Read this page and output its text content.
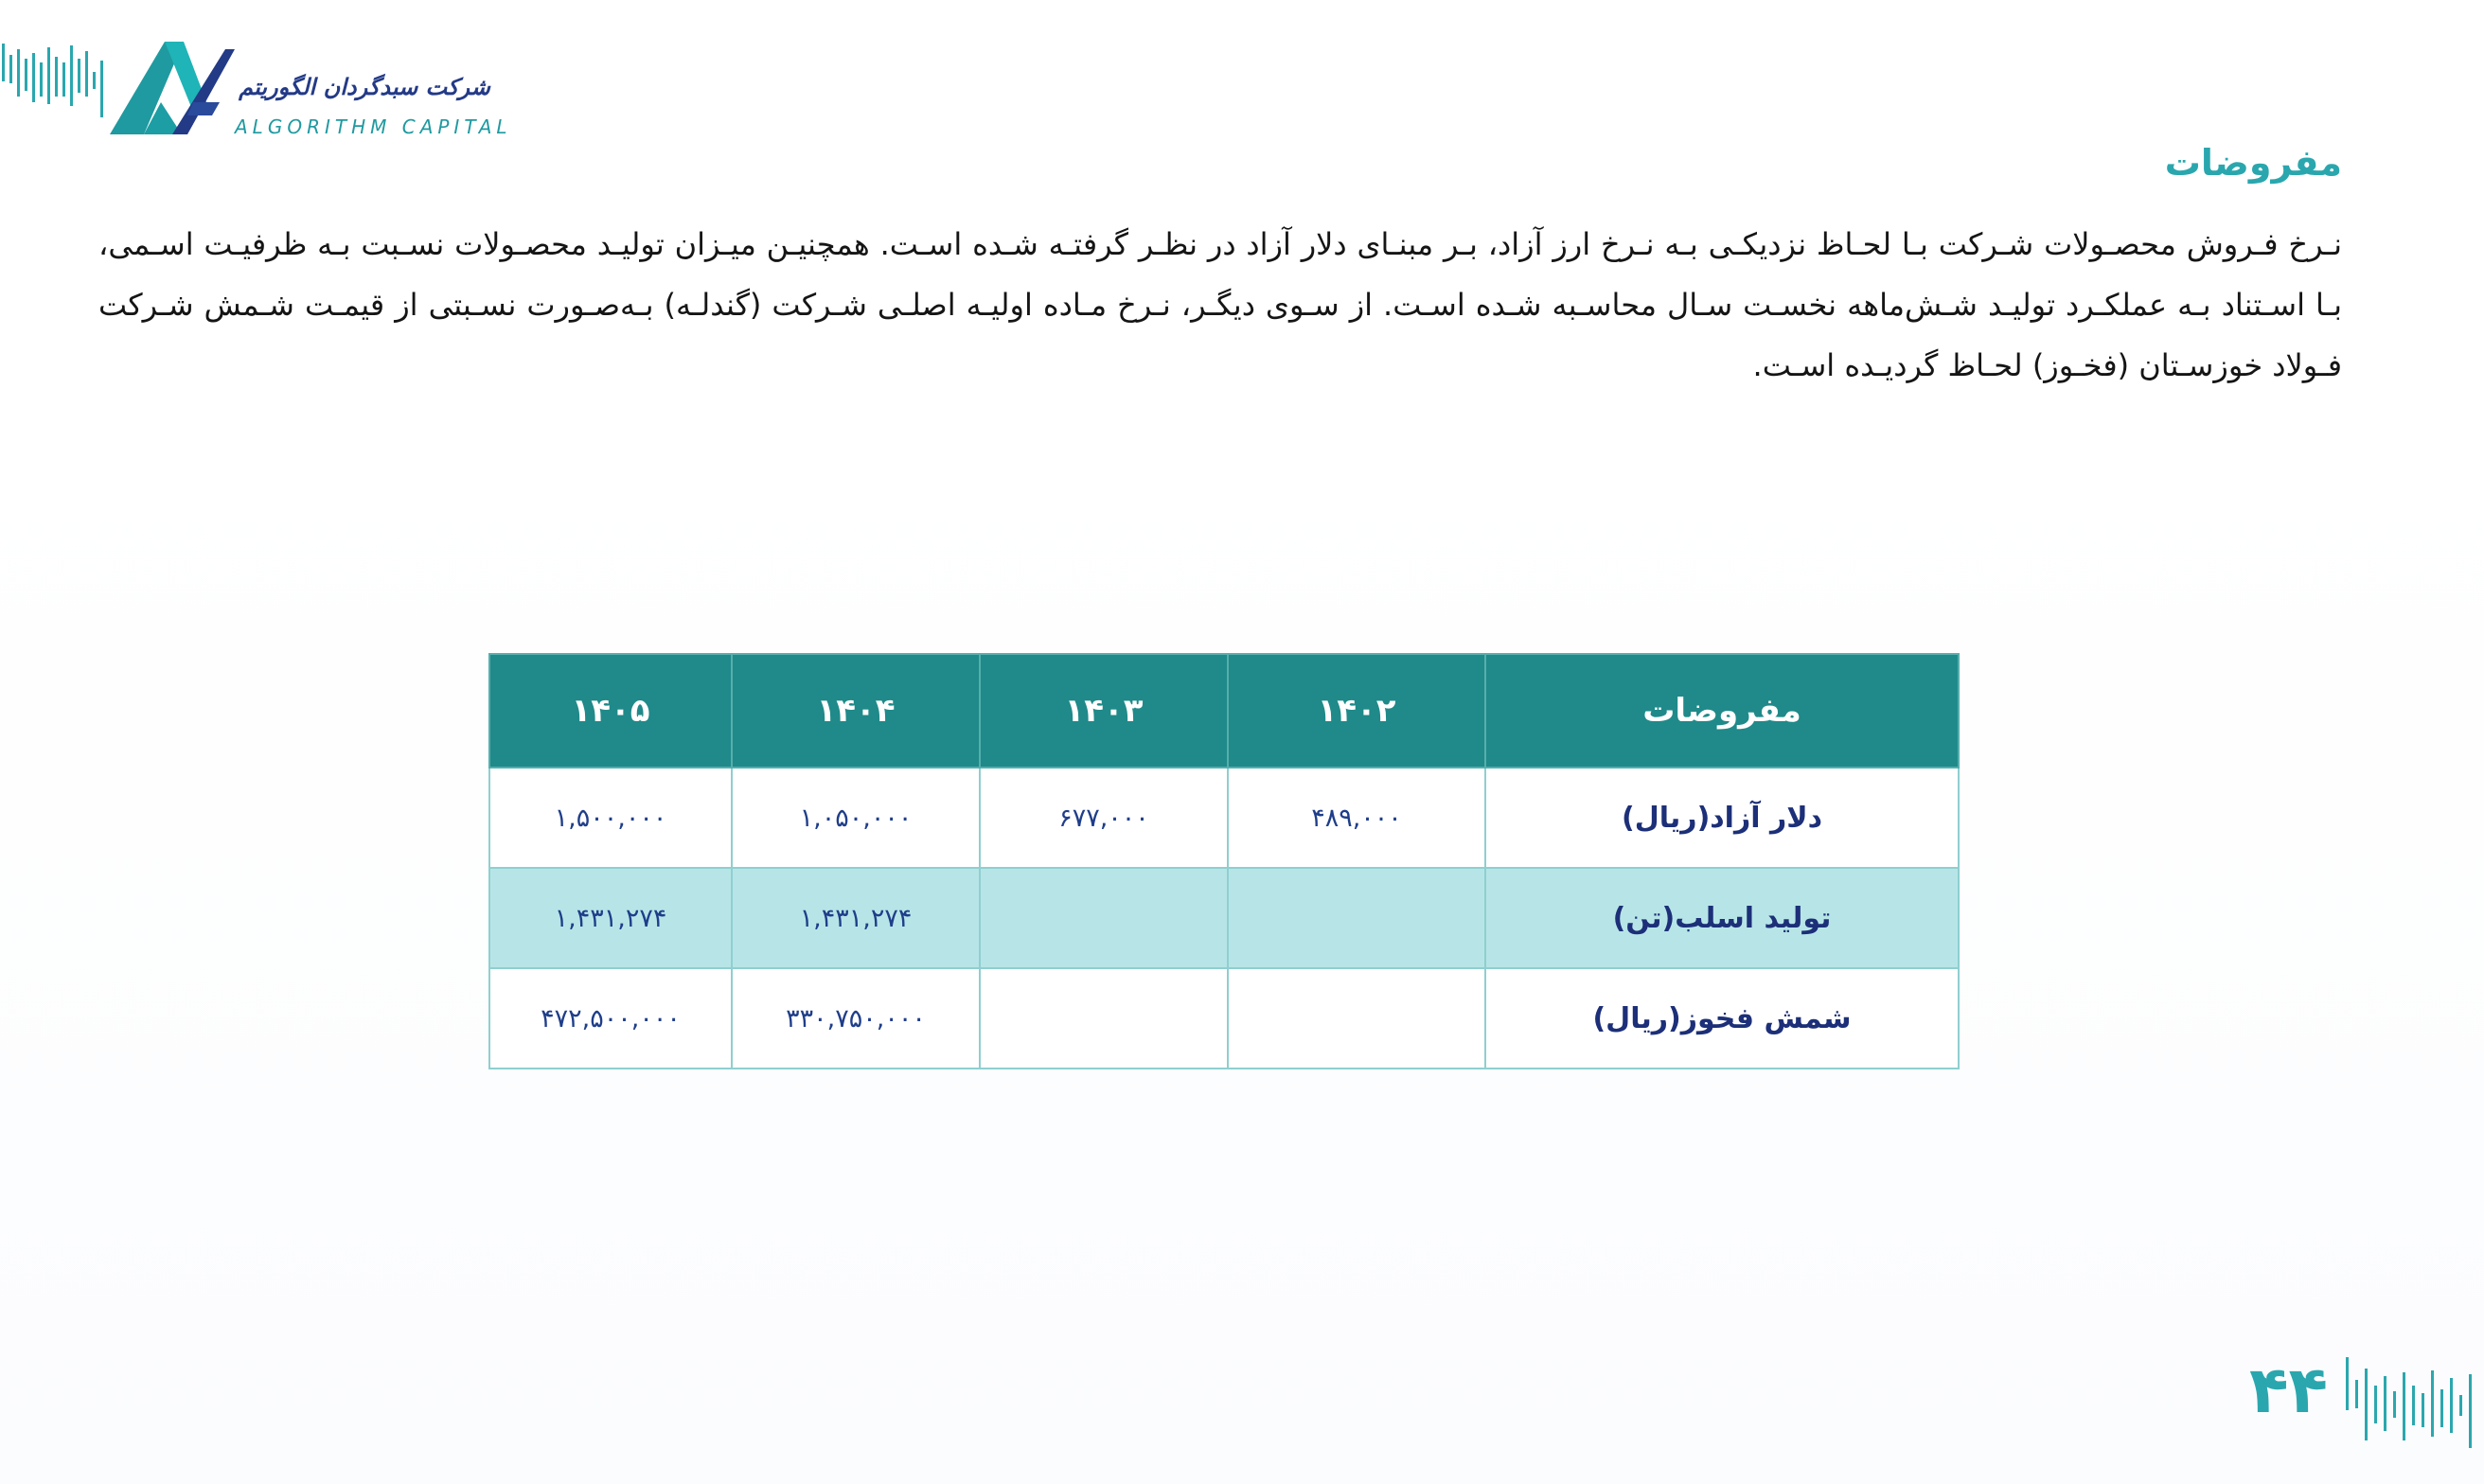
شرکت سبدگردان الگوریتم
ALGORITHM CAPITAL
مفروضات

نـرخ فـروش محصـولات شـرکت بـا لحـاظ نزدیکـی بـه نـرخ ارز آزاد، بـر مبنـای دلار آزاد در نظـر گرفتـه شـده اسـت. همچنیـن میـزان تولیـد محصـولات نسـبت بـه ظرفیـت اسـمی، بـا اسـتناد بـه عملکـرد تولیـد شـش‌ماهه نخسـت سـال محاسـبه شـده اسـت. از سـوی دیگـر، نـرخ مـاده اولیـه اصلـی شـرکت (گندلـه) بـه‌صـورت نسـبتی از قیمـت شـمش شـرکت فـولاد خوزسـتان (فخـوز) لحـاظ گردیـده اسـت.

مفروضات	۱۴۰۲	۱۴۰۳	۱۴۰۴	۱۴۰۵
دلار آزاد(ریال)	۴۸۹,۰۰۰	۶۷۷,۰۰۰	۱,۰۵۰,۰۰۰	۱,۵۰۰,۰۰۰
تولید اسلب(تن)			۱,۴۳۱,۲۷۴	۱,۴۳۱,۲۷۴
شمش فخوز(ریال)			۳۳۰,۷۵۰,۰۰۰	۴۷۲,۵۰۰,۰۰۰
۴۴
